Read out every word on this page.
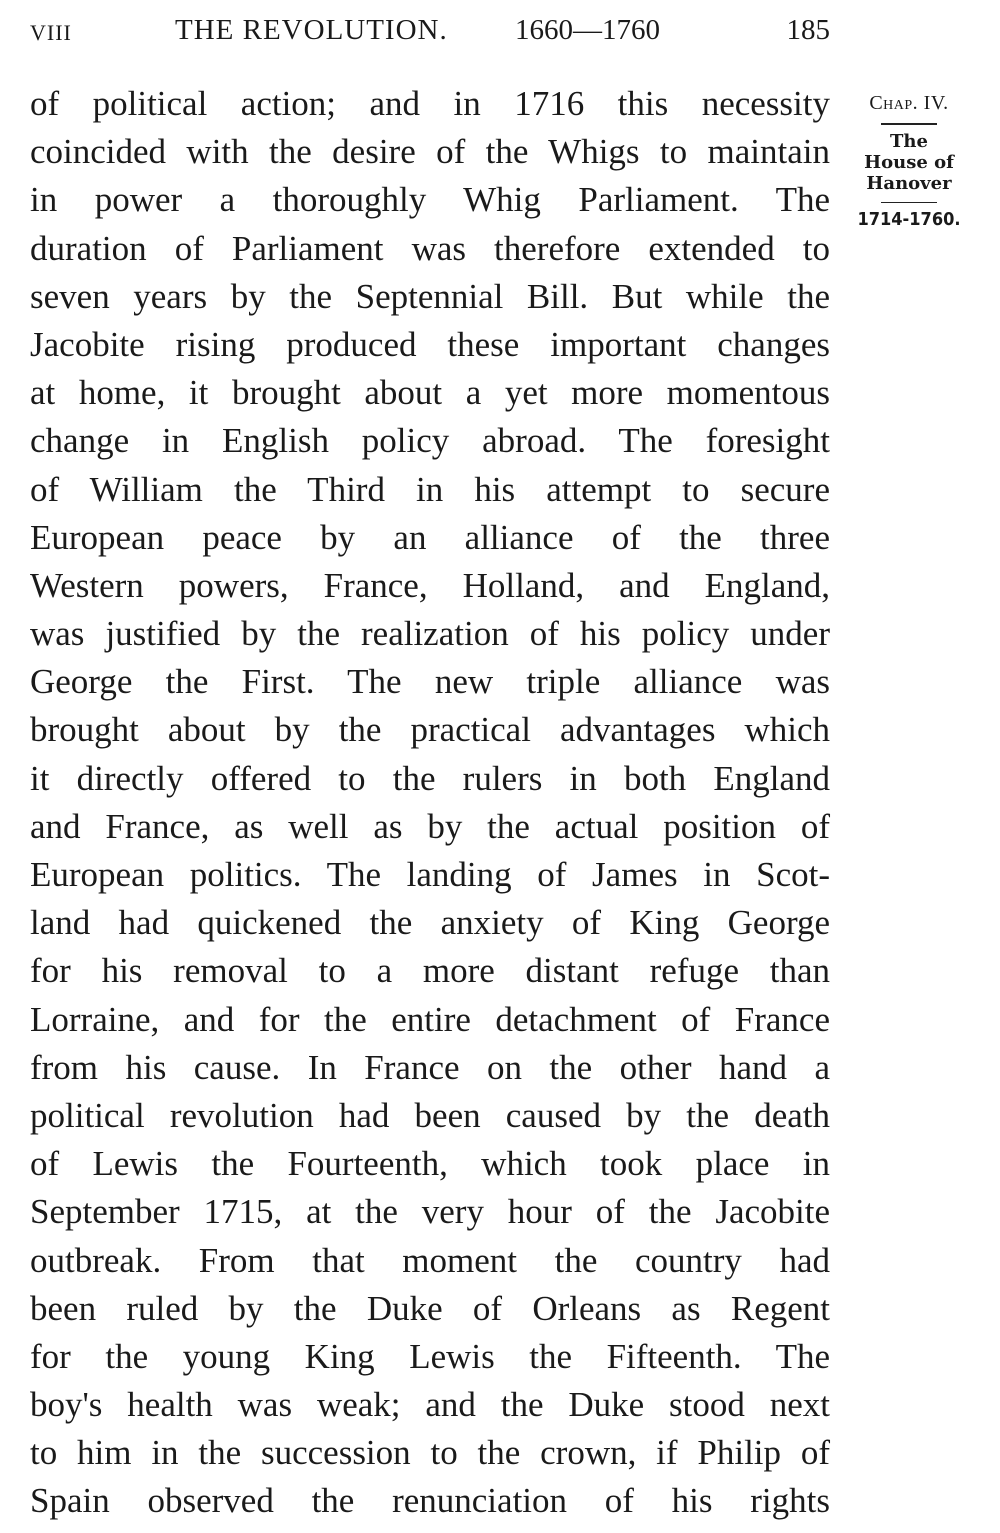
VIII	THE REVOLUTION. 1660—1760	185
of political action; and in 1716 this necessity
coincided with the desire of the Whigs to maintain
in power a thoroughly Whig Parliament. The
duration of Parliament was therefore extended to
seven years by the Septennial Bill. But while the
Jacobite rising produced these important changes
at home, it brought about a yet more momentous
change in English policy abroad. The foresight
of William the Third in his attempt to secure
European peace by an alliance of the three
Western powers, France, Holland, and England,
was justified by the realization of his policy under
George the First. The new triple alliance was
brought about by the practical advantages which
it directly offered to the rulers in both England
and France, as well as by the actual position of
European politics. The landing of James in Scot-
land had quickened the anxiety of King George
for his removal to a more distant refuge than
Lorraine, and for the entire detachment of France
from his cause. In France on the other hand a
political revolution had been caused by the death
of Lewis the Fourteenth, which took place in
September 1715, at the very hour of the Jacobite
outbreak. From that moment the country had
been ruled by the Duke of Orleans as Regent
for the young King Lewis the Fifteenth. The
boy's health was weak; and the Duke stood next
to him in the succession to the crown, if Philip of
Spain observed the renunciation of his rights
Chap. IV.
The
House of
Hanover
1714-1760.
